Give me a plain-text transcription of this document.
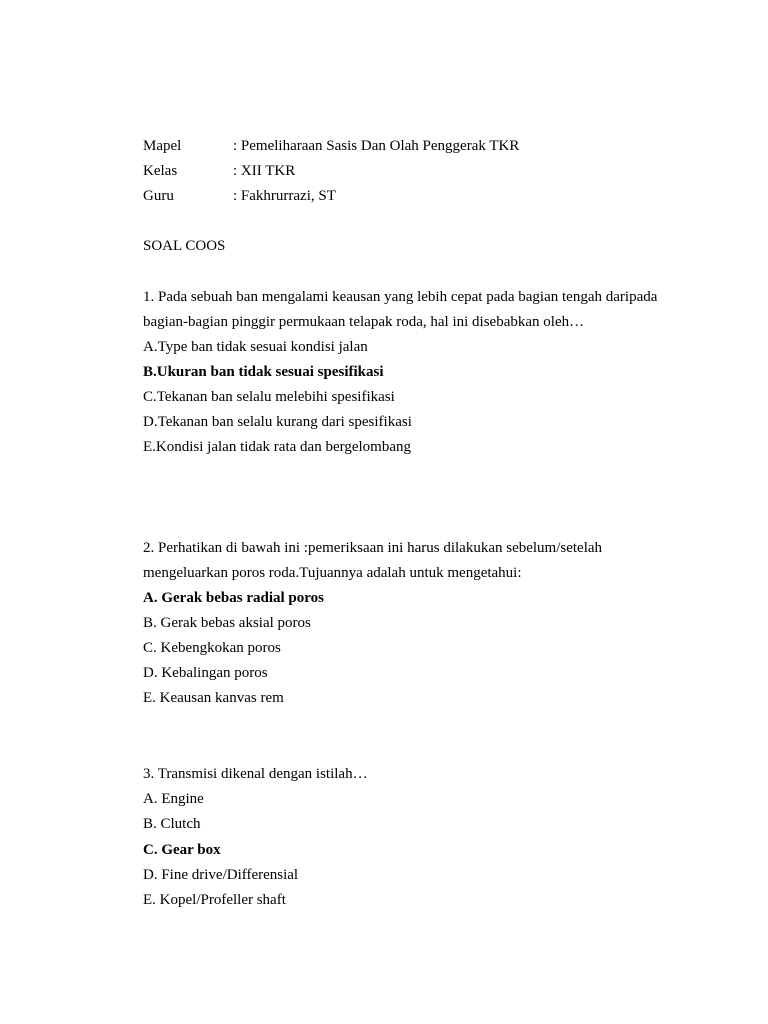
Mapel	: Pemeliharaan Sasis Dan Olah Penggerak TKR
Kelas	: XII TKR
Guru	: Fakhrurrazi, ST
SOAL COOS
1. Pada sebuah ban mengalami keausan yang lebih cepat pada bagian tengah daripada
bagian-bagian pinggir permukaan telapak roda, hal ini disebabkan oleh…
A.Type ban tidak sesuai kondisi jalan
B.Ukuran ban tidak sesuai spesifikasi
C.Tekanan ban selalu melebihi spesifikasi
D.Tekanan ban selalu kurang dari spesifikasi
E.Kondisi jalan tidak rata dan bergelombang
2. Perhatikan di bawah ini :pemeriksaan ini harus dilakukan sebelum/setelah
mengeluarkan poros roda.Tujuannya adalah untuk mengetahui:
A. Gerak bebas radial poros
B. Gerak bebas aksial poros
C. Kebengkokan poros
D. Kebalingan poros
E. Keausan kanvas rem
3. Transmisi dikenal dengan istilah…
A. Engine
B. Clutch
C. Gear box
D. Fine drive/Differensial
E. Kopel/Profeller shaft
